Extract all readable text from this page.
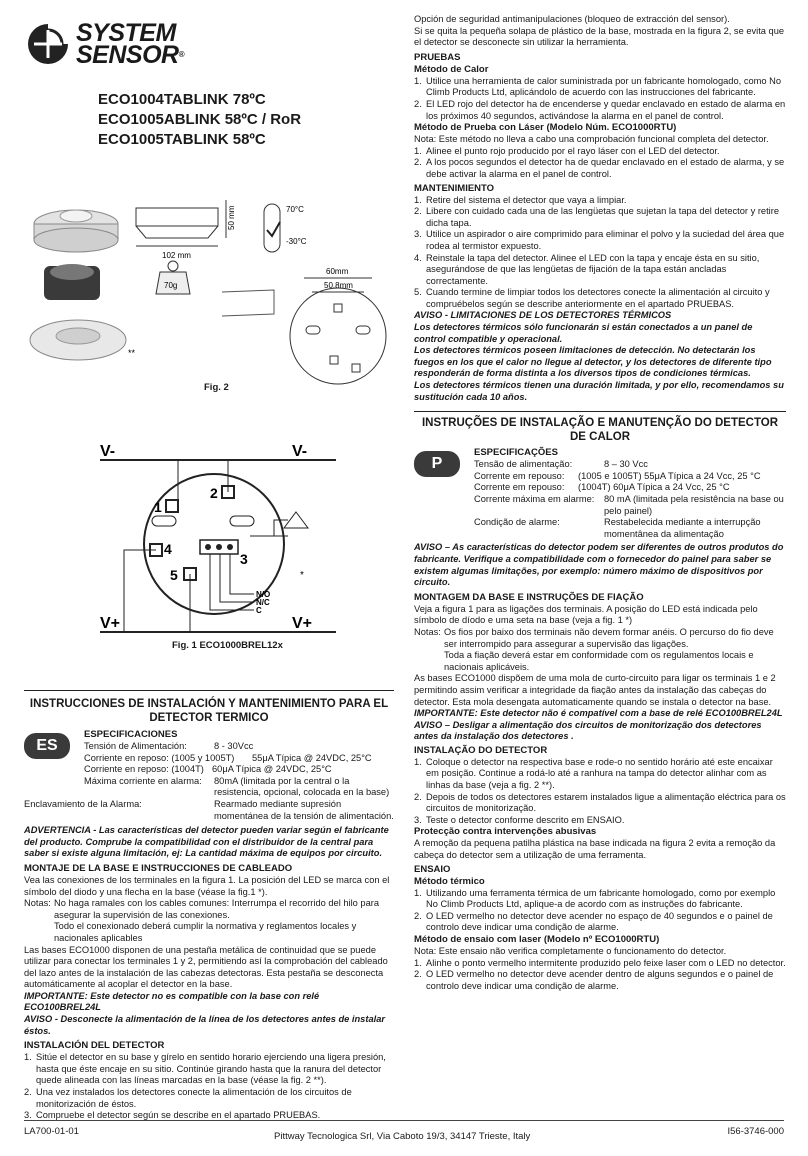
SYSTEM
SENSOR®
ECO1004TABLINK 78ºC
ECO1005ABLINK 58ºC / RoR
ECO1005TABLINK 58ºC
**
102 mm
50 mm
70g
70°C
-30°C
60mm
50.8mm
Fig. 2
V-	V-
V+	V+
1
2
3
4
5	*
N/O
N/C
C
Fig. 1 ECO1000BREL12x
INSTRUCCIONES DE INSTALACIÓN Y MANTENIMIENTO PARA EL DETECTOR TERMICO
ES
ESPECIFICACIONES
Tensión de Alimentación:	8 - 30Vcc
Corriente en reposo: (1005 y 1005T)	55μA Típica @ 24VDC, 25°C
Corriente en reposo: (1004T) 60μA Típica @ 24VDC, 25°C
Máxima corriente en alarma:	80mA (limitada por la central o la resistencia, opcional, colocada en la base)
Enclavamiento de la Alarma:	Rearmado mediante supresión momentánea de la tensión de alimentación.
ADVERTENCIA - Las características del detector pueden variar según el fabricante del producto. Comprube la compatibilidad con el distribuidor de la central para saber si existe alguna limitación, ej: La cantidad máxima de equipos por circuito.
MONTAJE DE LA BASE E INSTRUCCIONES DE CABLEADO
Vea las conexiones de los terminales en la figura 1. La posición del LED se marca con el símbolo del diodo y una flecha en la base (véase la fig.1 *).
Notas: No haga ramales con los cables comunes: Interrumpa el recorrido del hilo para asegurar la supervisión de las conexiones.
Todo el conexionado deberá cumplir la normativa y reglamentos locales y nacionales aplicables
Las bases ECO1000 disponen de una pestaña metálica de continuidad que se puede utilizar para conectar los terminales 1 y 2, permitiendo así la comprobación del cableado del lazo antes de la instalación de las cabezas detectoras. Esta pestaña se desconecta automáticamente al acoplar el detector en la base.
IMPORTANTE: Este detector no es compatible con la base con relé ECO100BREL24L
AVISO - Desconecte la alimentación de la línea de los detectores antes de instalar éstos.
INSTALACIÓN DEL DETECTOR
1. Sitúe el detector en su base y gírelo en sentido horario ejerciendo una ligera presión, hasta que éste encaje en su sitio. Continúe girando hasta que la ranura del detector quede alineada con las líneas marcadas en la base (véase la fig. 2 **).
2. Una vez instalados los detectores conecte la alimentación de los circuitos de monitorización de éstos.
3. Compruebe el detector según se describe en el apartado PRUEBAS.
Opción de seguridad antimanipulaciones (bloqueo de extracción del sensor).
Si se quita la pequeña solapa de plástico de la base, mostrada en la figura 2, se evita que el detector se desconecte sin utilizar la herramienta.
PRUEBAS
Método de Calor
1. Utilice una herramienta de calor suministrada por un fabricante homologado, como No Climb Products Ltd, aplicándolo de acuerdo con las instrucciones del fabricante.
2. El LED rojo del detector ha de encenderse y quedar enclavado en estado de alarma en los próximos 40 segundos, activándose la alarma en el panel de control.
Método de Prueba con Láser (Modelo Núm. ECO1000RTU)
Nota: Este método no lleva a cabo una comprobación funcional completa del detector.
1. Alinee el punto rojo producido por el rayo láser con el LED del detector.
2. A los pocos segundos el detector ha de quedar enclavado en el estado de alarma, y se debe activar la alarma en el panel de control.
MANTENIMIENTO
1. Retire del sistema el detector que vaya a limpiar.
2. Libere con cuidado cada una de las lengüetas que sujetan la tapa del detector y retire dicha tapa.
3. Utilice un aspirador o aire comprimido para eliminar el polvo y la suciedad del área que rodea al termistor expuesto.
4. Reinstale la tapa del detector. Alinee el LED con la tapa y encaje ésta en su sitio, asegurándose de que las lengüetas de fijación de la tapa están ancladas correctamente.
5. Cuando termine de limpiar todos los detectores conecte la alimentación al circuito y compruébelos según se describe anteriormente en el apartado PRUEBAS.
AVISO - LIMITACIONES DE LOS DETECTORES TÉRMICOS
Los detectores térmicos sólo funcionarán si están conectados a un panel de control compatible y operacional.
Los detectores térmicos poseen limitaciones de detección. No detectarán los fuegos en los que el calor no llegue al detector, y los detectores de diferente tipo responderán de forma distinta a los diversos tipos de condiciones térmicas.
Los detectores térmicos tienen una duración limitada, y por ello, recomendamos su sustitución cada 10 años.
INSTRUÇÕES DE INSTALAÇÃO E MANUTENÇÃO DO DETECTOR DE CALOR
P
ESPECIFICAÇÕES
Tensão de alimentação:	8 – 30 Vcc
Corrente em repouso:	(1005 e 1005T) 55μA Típica a 24 Vcc, 25 °C
Corrente em repouso:	(1004T) 60μA Típica a 24 Vcc, 25 °C
Corrente máxima em alarme:	80 mA (limitada pela resistência na base ou pelo painel)
Condição de alarme:	Restabelecida mediante a interrupção momentânea da alimentação
AVISO – As características do detector podem ser diferentes de outros produtos do fabricante. Verifique a compatibilidade com o fornecedor do painel para saber se existem algumas limitações, por exemplo: número máximo de dispositivos por circuito.
MONTAGEM DA BASE E INSTRUÇÕES DE FIAÇÃO
Veja a figura 1 para as ligações dos terminais. A posição do LED está indicada pelo símbolo de díodo e uma seta na base (veja a fig. 1 *)
Notas: Os fios por baixo dos terminais não devem formar anéis. O percurso do fio deve ser interrompido para assegurar a supervisão das ligações.
Toda a fiação deverá estar em conformidade com os regulamentos locais e nacionais aplicáveis.
As bases ECO1000 dispõem de uma mola de curto-circuito para ligar os terminais 1 e 2 permitindo assim verificar a integridade da fiação antes da instalação das cabeças do detector. Esta mola desengata automaticamente quando se instala o detector na base.
IMPORTANTE: Este detector não é compatível com a base de relé ECO100BREL24L
AVISO – Desligar a alimentação dos circuitos de monitorização dos detectores antes da instalação dos detectores .
INSTALAÇÃO DO DETECTOR
1. Coloque o detector na respectiva base e rode-o no sentido horário até este encaixar em posição. Continue a rodá-lo até a ranhura na tampa do detector alinhar com as linhas da base (veja a fig. 2 **).
2. Depois de todos os detectores estarem instalados ligue a alimentação eléctrica para os circuitos de monitorização.
3. Teste o detector conforme descrito em ENSAIO.
Protecção contra intervenções abusivas
A remoção da pequena patilha plástica na base indicada na figura 2 evita a remoção da cabeça do detector sem a utilização de uma ferramenta.
ENSAIO
Método térmico
1. Utilizando uma ferramenta térmica de um fabricante homologado, como por exemplo No Climb Products Ltd, aplique-a de acordo com as instruções do fabricante.
2. O LED vermelho no detector deve acender no espaço de 40 segundos e o painel de controlo deve indicar uma condição de alarme.
Método de ensaio com laser (Modelo nº ECO1000RTU)
Nota: Este ensaio não verifica completamente o funcionamento do detector.
1. Alinhe o ponto vermelho intermitente produzido pelo feixe laser com o LED no detector.
2. O LED vermelho no detector deve acender dentro de alguns segundos e o painel de controlo deve indicar uma condição de alarme.
LA700-01-01	Pittway Tecnologica Srl, Via Caboto 19/3, 34147 Trieste, Italy	I56-3746-000
